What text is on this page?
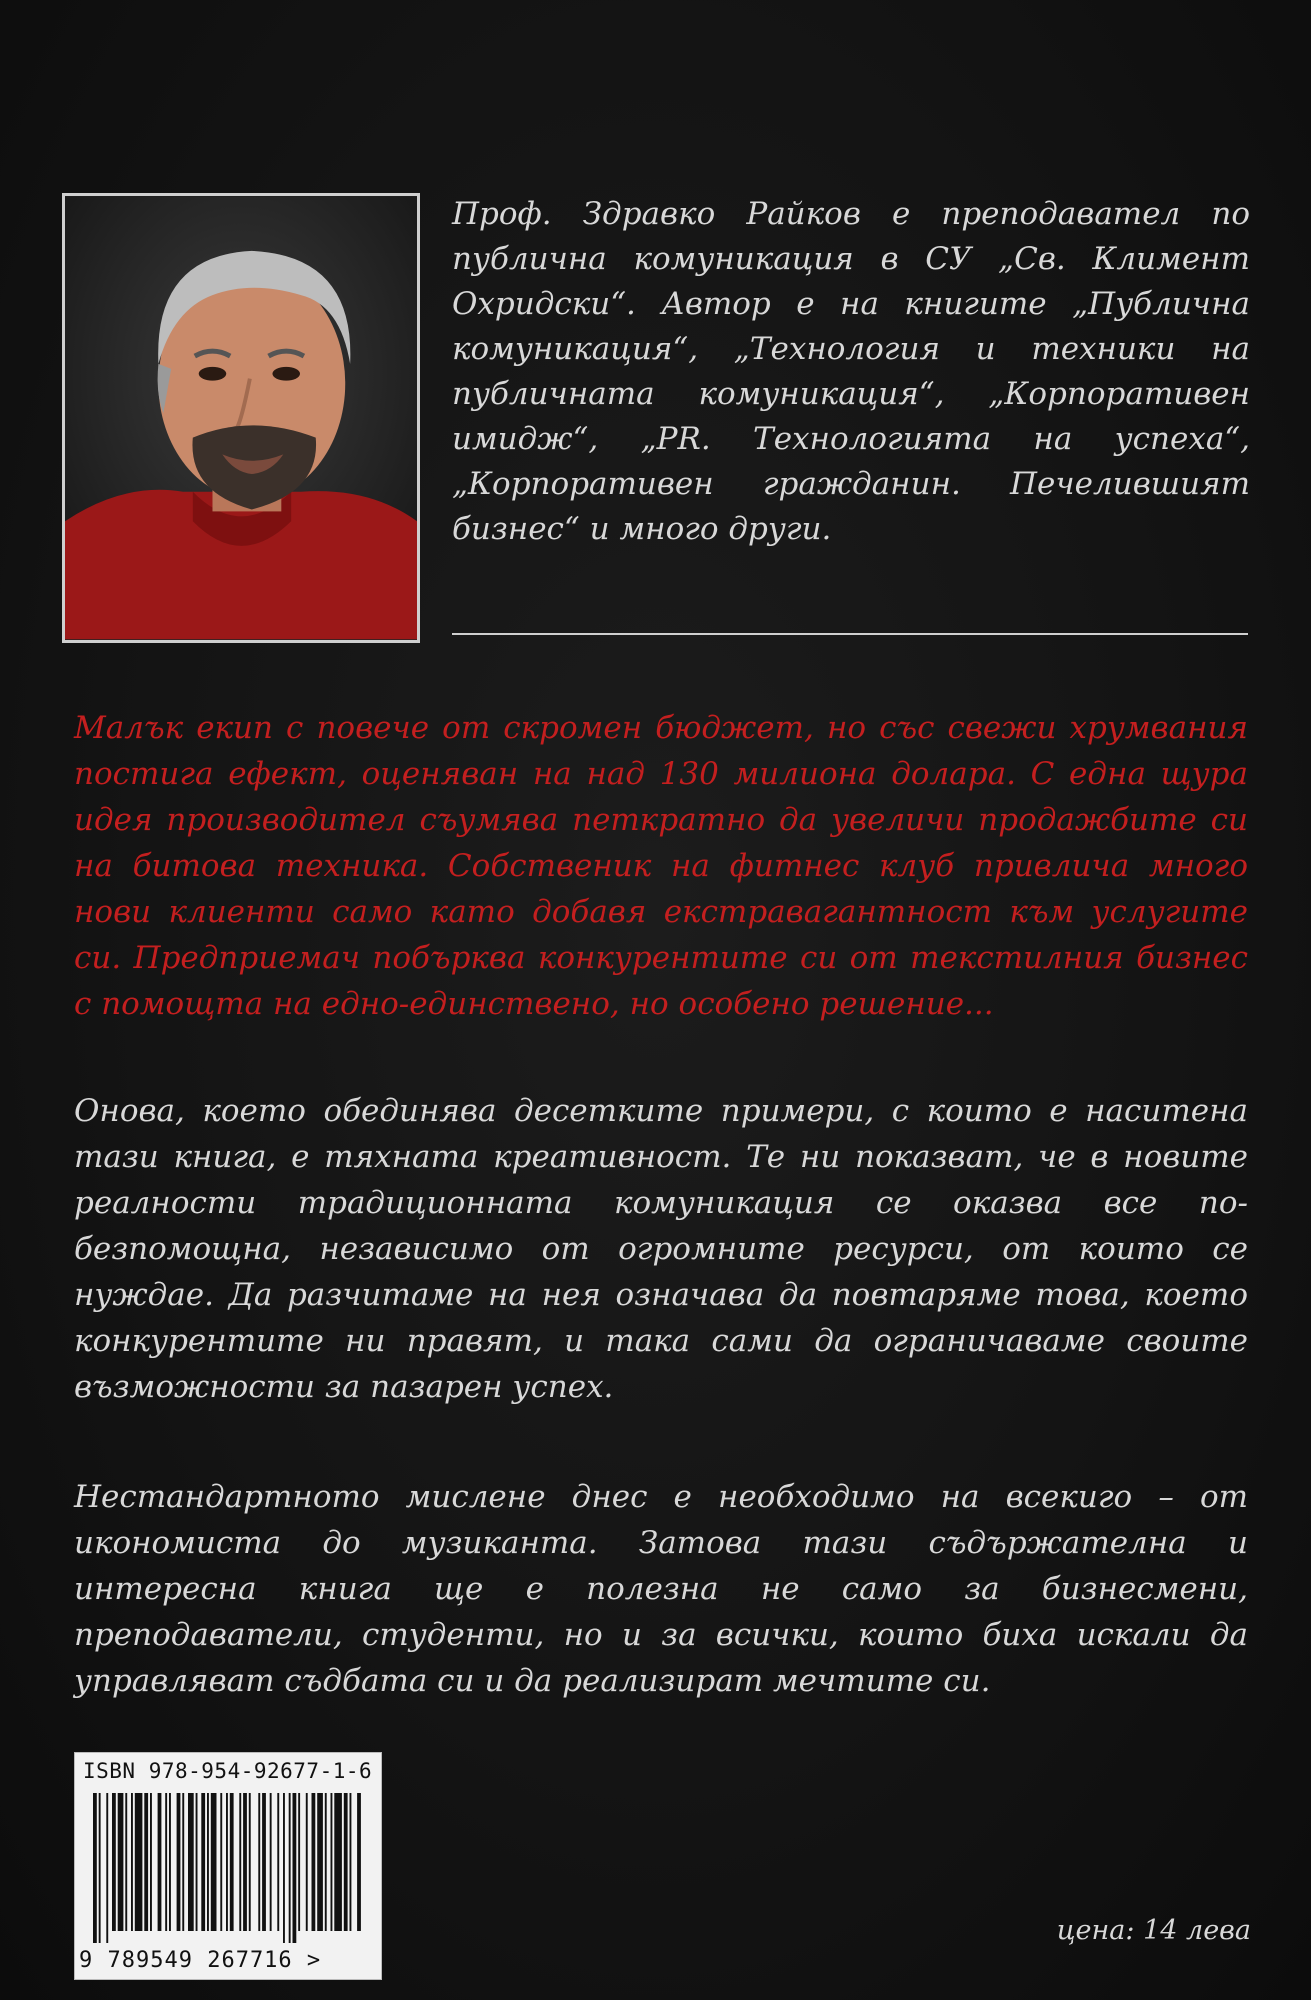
Проф. Здравко Райков е преподавател по публична комуникация в СУ „Св. Климент Охридски“. Автор е на книгите „Публична комуникация“, „Технология и техники на публичната комуникация“, „Корпоративен имидж“, „PR. Технологията на успеха“, „Корпоративен гражданин. Печелившият бизнес“ и много други.

Малък екип с повече от скромен бюджет, но със свежи хрумвания постига ефект, оценяван на над 130 милиона долара. С една щура идея производител съумява петкратно да увеличи продажбите си на битова техника. Собственик на фитнес клуб привлича много нови клиенти само като добавя екстравагантност към услугите си. Предприемач побърква конкурентите си от текстилния бизнес с помощта на едно-единствено, но особено решение...

Онова, което обединява десетките примери, с които е наситена тази книга, е тяхната креативност. Те ни показват, че в новите реалности традиционната комуникация се оказва все по-безпомощна, независимо от огромните ресурси, от които се нуждае. Да разчитаме на нея означава да повтаряме това, което конкурентите ни правят, и така сами да ограничаваме своите възможности за пазарен успех.

Нестандартното мислене днес е необходимо на всекиго – от икономиста до музиканта. Затова тази съдържателна и интересна книга ще е полезна не само за бизнесмени, преподаватели, студенти, но и за всички, които биха искали да управляват съдбата си и да реализират мечтите си.

ISBN 978-954-92677-1-6
9 789549 267716 >
цена: 14 лева
